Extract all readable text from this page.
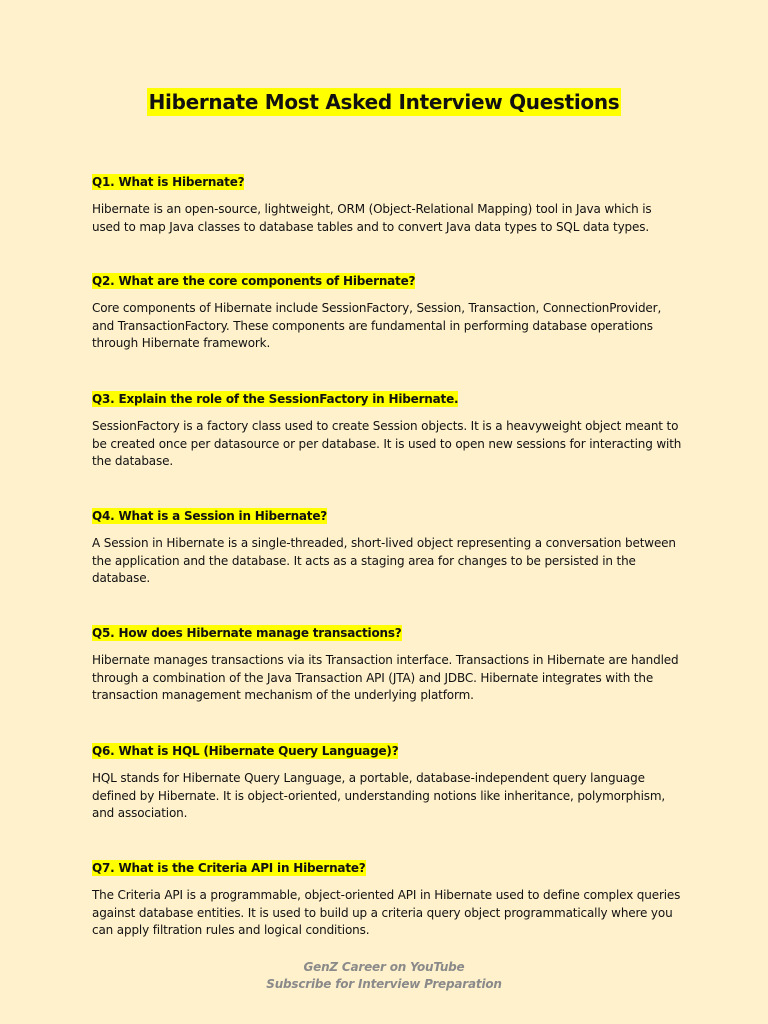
Hibernate Most Asked Interview Questions
Q1. What is Hibernate?
Hibernate is an open-source, lightweight, ORM (Object-Relational Mapping) tool in Java which is used to map Java classes to database tables and to convert Java data types to SQL data types.
Q2. What are the core components of Hibernate?
Core components of Hibernate include SessionFactory, Session, Transaction, ConnectionProvider, and TransactionFactory. These components are fundamental in performing database operations through Hibernate framework.
Q3. Explain the role of the SessionFactory in Hibernate.
SessionFactory is a factory class used to create Session objects. It is a heavyweight object meant to be created once per datasource or per database. It is used to open new sessions for interacting with the database.
Q4. What is a Session in Hibernate?
A Session in Hibernate is a single-threaded, short-lived object representing a conversation between the application and the database. It acts as a staging area for changes to be persisted in the database.
Q5. How does Hibernate manage transactions?
Hibernate manages transactions via its Transaction interface. Transactions in Hibernate are handled through a combination of the Java Transaction API (JTA) and JDBC. Hibernate integrates with the transaction management mechanism of the underlying platform.
Q6. What is HQL (Hibernate Query Language)?
HQL stands for Hibernate Query Language, a portable, database-independent query language defined by Hibernate. It is object-oriented, understanding notions like inheritance, polymorphism, and association.
Q7. What is the Criteria API in Hibernate?
The Criteria API is a programmable, object-oriented API in Hibernate used to define complex queries against database entities. It is used to build up a criteria query object programmatically where you can apply filtration rules and logical conditions.
GenZ Career on YouTube
Subscribe for Interview Preparation
